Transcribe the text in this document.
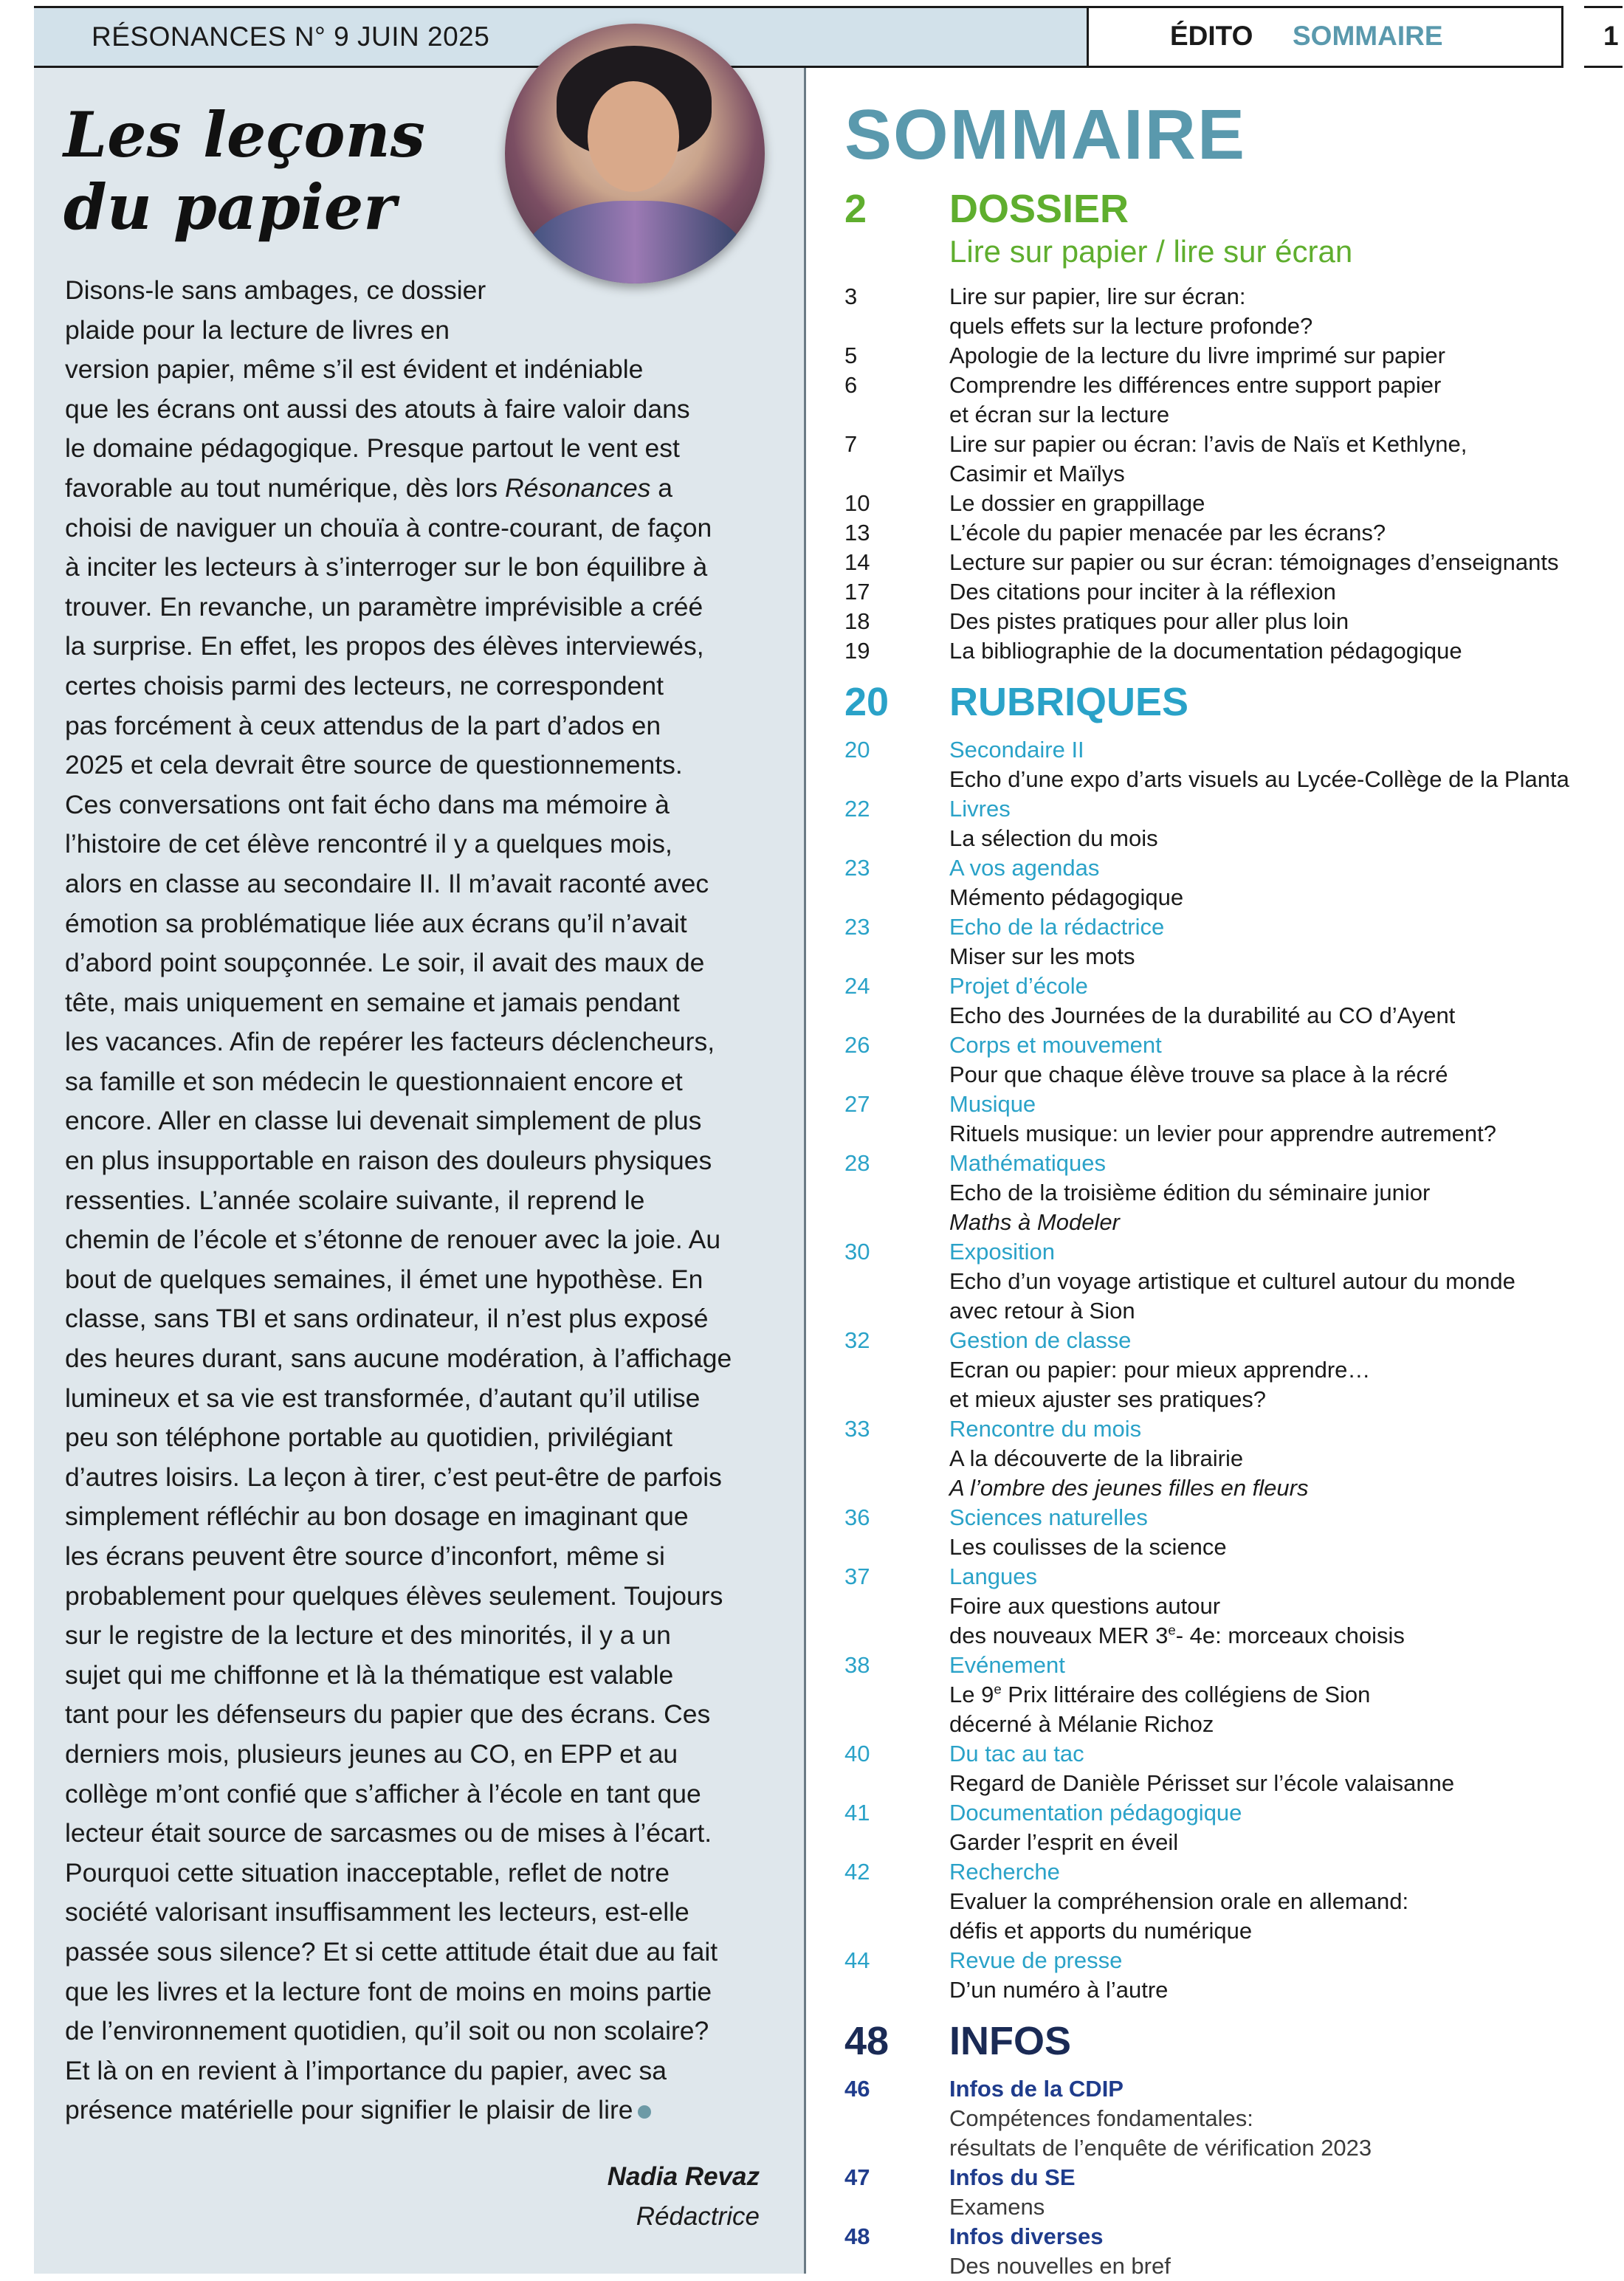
RÉSONANCES N° 9 JUIN 2025	ÉDITO SOMMAIRE	1
Les leçons
du papier
Disons-le sans ambages, ce dossier
plaide pour la lecture de livres en
version papier, même s’il est évident et indéniable
que les écrans ont aussi des atouts à faire valoir dans
le domaine pédagogique. Presque partout le vent est
favorable au tout numérique, dès lors Résonances a
choisi de naviguer un chouïa à contre-courant, de façon
à inciter les lecteurs à s’interroger sur le bon équilibre à
trouver. En revanche, un paramètre imprévisible a créé
la surprise. En effet, les propos des élèves interviewés,
certes choisis parmi des lecteurs, ne correspondent
pas forcément à ceux attendus de la part d’ados en
2025 et cela devrait être source de questionnements.
Ces conversations ont fait écho dans ma mémoire à
l’histoire de cet élève rencontré il y a quelques mois,
alors en classe au secondaire II. Il m’avait raconté avec
émotion sa problématique liée aux écrans qu’il n’avait
d’abord point soupçonnée. Le soir, il avait des maux de
tête, mais uniquement en semaine et jamais pendant
les vacances. Afin de repérer les facteurs déclencheurs,
sa famille et son médecin le questionnaient encore et
encore. Aller en classe lui devenait simplement de plus
en plus insupportable en raison des douleurs physiques
ressenties. L’année scolaire suivante, il reprend le
chemin de l’école et s’étonne de renouer avec la joie. Au
bout de quelques semaines, il émet une hypothèse. En
classe, sans TBI et sans ordinateur, il n’est plus exposé
des heures durant, sans aucune modération, à l’affichage
lumineux et sa vie est transformée, d’autant qu’il utilise
peu son téléphone portable au quotidien, privilégiant
d’autres loisirs. La leçon à tirer, c’est peut-être de parfois
simplement réfléchir au bon dosage en imaginant que
les écrans peuvent être source d’inconfort, même si
probablement pour quelques élèves seulement. Toujours
sur le registre de la lecture et des minorités, il y a un
sujet qui me chiffonne et là la thématique est valable
tant pour les défenseurs du papier que des écrans. Ces
derniers mois, plusieurs jeunes au CO, en EPP et au
collège m’ont confié que s’afficher à l’école en tant que
lecteur était source de sarcasmes ou de mises à l’écart.
Pourquoi cette situation inacceptable, reflet de notre
société valorisant insuffisamment les lecteurs, est-elle
passée sous silence? Et si cette attitude était due au fait
que les livres et la lecture font de moins en moins partie
de l’environnement quotidien, qu’il soit ou non scolaire?
Et là on en revient à l’importance du papier, avec sa
présence matérielle pour signifier le plaisir de lire
Nadia Revaz
Rédactrice
SOMMAIRE
2 DOSSIER
Lire sur papier / lire sur écran
3	Lire sur papier, lire sur écran:
quels effets sur la lecture profonde?
5	Apologie de la lecture du livre imprimé sur papier
6	Comprendre les différences entre support papier
et écran sur la lecture
7	Lire sur papier ou écran: l’avis de Naïs et Kethlyne,
Casimir et Maïlys
10	Le dossier en grappillage
13	L’école du papier menacée par les écrans?
14	Lecture sur papier ou sur écran: témoignages d’enseignants
17	Des citations pour inciter à la réflexion
18	Des pistes pratiques pour aller plus loin
19	La bibliographie de la documentation pédagogique
20 RUBRIQUES
20	Secondaire II
Echo d’une expo d’arts visuels au Lycée-Collège de la Planta
22	Livres
La sélection du mois
23	A vos agendas
Mémento pédagogique
23	Echo de la rédactrice
Miser sur les mots
24	Projet d’école
Echo des Journées de la durabilité au CO d’Ayent
26	Corps et mouvement
Pour que chaque élève trouve sa place à la récré
27	Musique
Rituels musique: un levier pour apprendre autrement?
28	Mathématiques
Echo de la troisième édition du séminaire junior
Maths à Modeler
30	Exposition
Echo d’un voyage artistique et culturel autour du monde
avec retour à Sion
32	Gestion de classe
Ecran ou papier: pour mieux apprendre…
et mieux ajuster ses pratiques?
33	Rencontre du mois
A la découverte de la librairie
A l’ombre des jeunes filles en fleurs
36	Sciences naturelles
Les coulisses de la science
37	Langues
Foire aux questions autour
des nouveaux MER 3e- 4e: morceaux choisis
38	Evénement
Le 9e Prix littéraire des collégiens de Sion
décerné à Mélanie Richoz
40	Du tac au tac
Regard de Danièle Périsset sur l’école valaisanne
41	Documentation pédagogique
Garder l’esprit en éveil
42	Recherche
Evaluer la compréhension orale en allemand:
défis et apports du numérique
44	Revue de presse
D’un numéro à l’autre
48 INFOS
46	Infos de la CDIP
Compétences fondamentales:
résultats de l’enquête de vérification 2023
47	Infos du SE
Examens
48	Infos diverses
Des nouvelles en bref
